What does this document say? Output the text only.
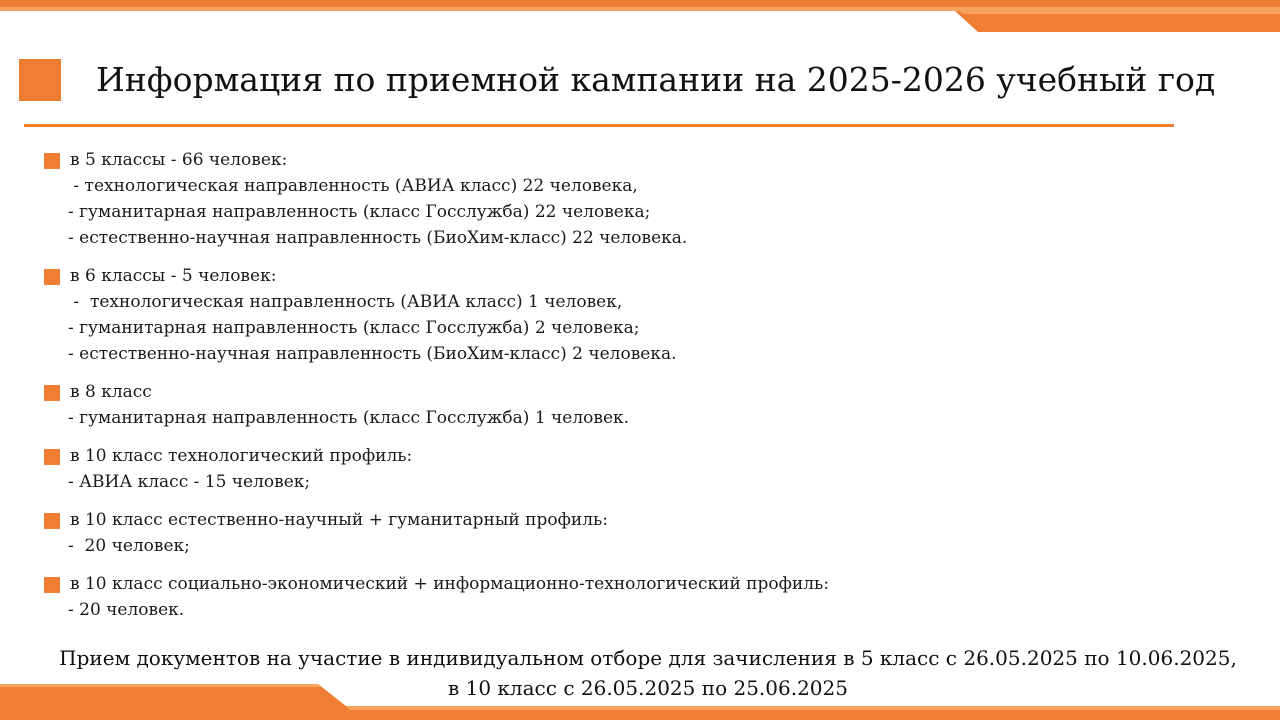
Информация по приемной кампании на 2025-2026 учебный год
в 5 классы - 66 человек:
- технологическая направленность (АВИА класс) 22 человека,
- гуманитарная направленность (класс Госслужба) 22 человека;
- естественно-научная направленность (БиоХим-класс) 22 человека.
в 6 классы - 5 человек:
-  технологическая направленность (АВИА класс) 1 человек,
- гуманитарная направленность (класс Госслужба) 2 человека;
- естественно-научная направленность (БиоХим-класс) 2 человека.
в 8 класс
- гуманитарная направленность (класс Госслужба) 1 человек.
в 10 класс технологический профиль:
- АВИА класс - 15 человек;
в 10 класс естественно-научный + гуманитарный профиль:
-  20 человек;
в 10 класс социально-экономический + информационно-технологический профиль:
- 20 человек.
Прием документов на участие в индивидуальном отборе для зачисления в 5 класс с 26.05.2025 по 10.06.2025,
в 10 класс с 26.05.2025 по 25.06.2025
